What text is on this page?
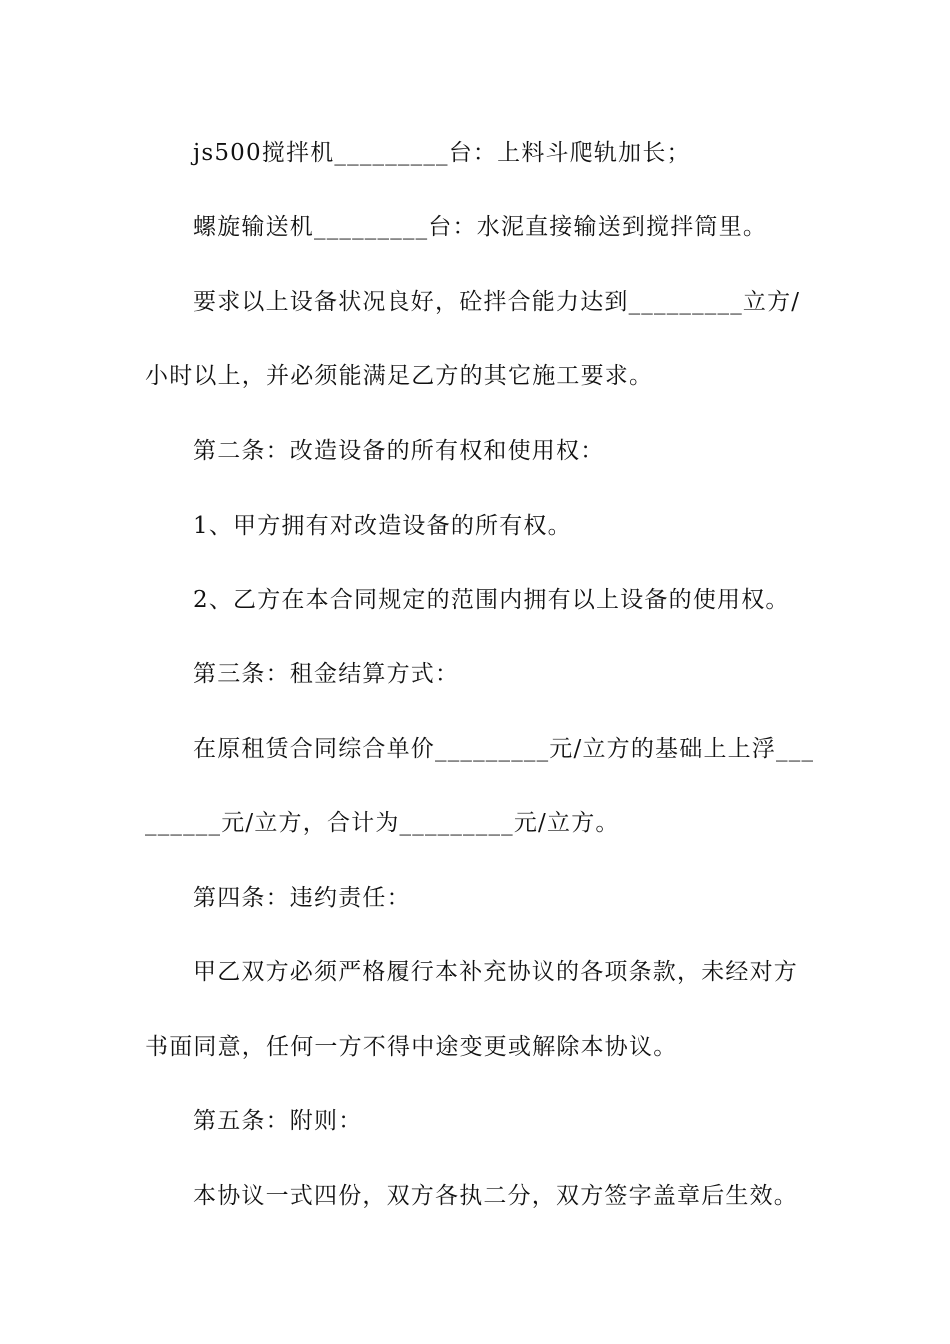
js500搅拌机_________台：上料斗爬轨加长；
螺旋输送机_________台：水泥直接输送到搅拌筒里。
要求以上设备状况良好，砼拌合能力达到_________立方/
小时以上，并必须能满足乙方的其它施工要求。
第二条：改造设备的所有权和使用权：
1、甲方拥有对改造设备的所有权。
2、乙方在本合同规定的范围内拥有以上设备的使用权。
第三条：租金结算方式：
在原租赁合同综合单价_________元/立方的基础上上浮___
______元/立方，合计为_________元/立方。
第四条：违约责任：
甲乙双方必须严格履行本补充协议的各项条款，未经对方
书面同意，任何一方不得中途变更或解除本协议。
第五条：附则：
本协议一式四份，双方各执二分，双方签字盖章后生效。
